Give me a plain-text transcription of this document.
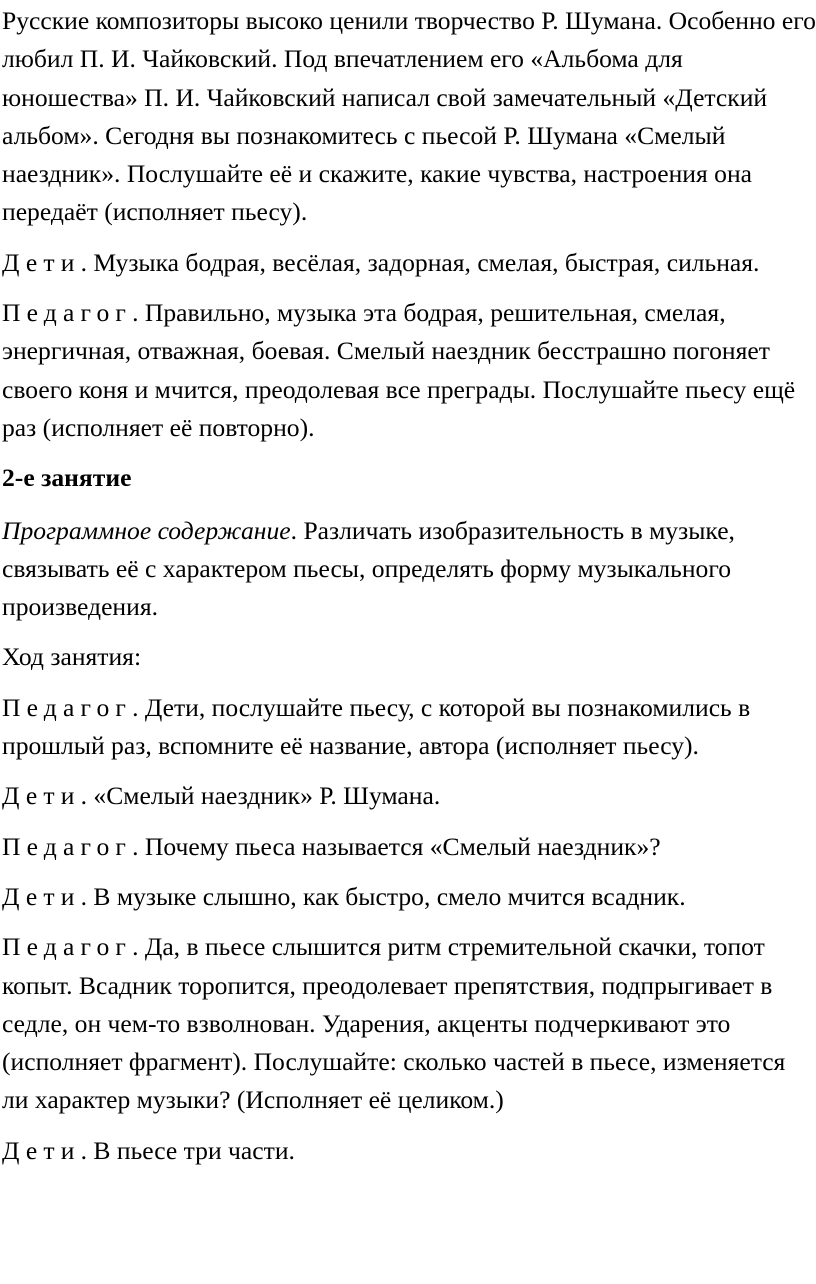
Русские композиторы высоко ценили творчество Р. Шумана. Особенно его любил П. И. Чайковский. Под впечатлением его «Альбома для юношества» П. И. Чайковский написал свой замечательный «Детский альбом». Сегодня вы познакомитесь с пьесой Р. Шумана «Смелый наездник». Послушайте её и скажите, какие чувства, настроения она передаёт (исполняет пьесу).

Дети. Музыка бодрая, весёлая, задорная, смелая, быстрая, сильная.

Педагог. Правильно, музыка эта бодрая, решительная, смелая, энергичная, отважная, боевая. Смелый наездник бесстрашно погоняет своего коня и мчится, преодолевая все преграды. Послушайте пьесу ещё раз (исполняет её повторно).

2-е занятие

Программное содержание. Различать изобразительность в музыке, связывать её с характером пьесы, определять форму музыкального произведения.

Ход занятия:

Педагог. Дети, послушайте пьесу, с которой вы познакомились в прошлый раз, вспомните её название, автора (исполняет пьесу).

Дети. «Смелый наездник» Р. Шумана.

Педагог. Почему пьеса называется «Смелый наездник»?

Дети. В музыке слышно, как быстро, смело мчится всадник.

Педагог. Да, в пьесе слышится ритм стремительной скачки, топот копыт. Всадник торопится, преодолевает препятствия, подпрыгивает в седле, он чем-то взволнован. Ударения, акценты подчеркивают это (исполняет фрагмент). Послушайте: сколько частей в пьесе, изменяется ли характер музыки? (Исполняет её целиком.)

Дети. В пьесе три части.
